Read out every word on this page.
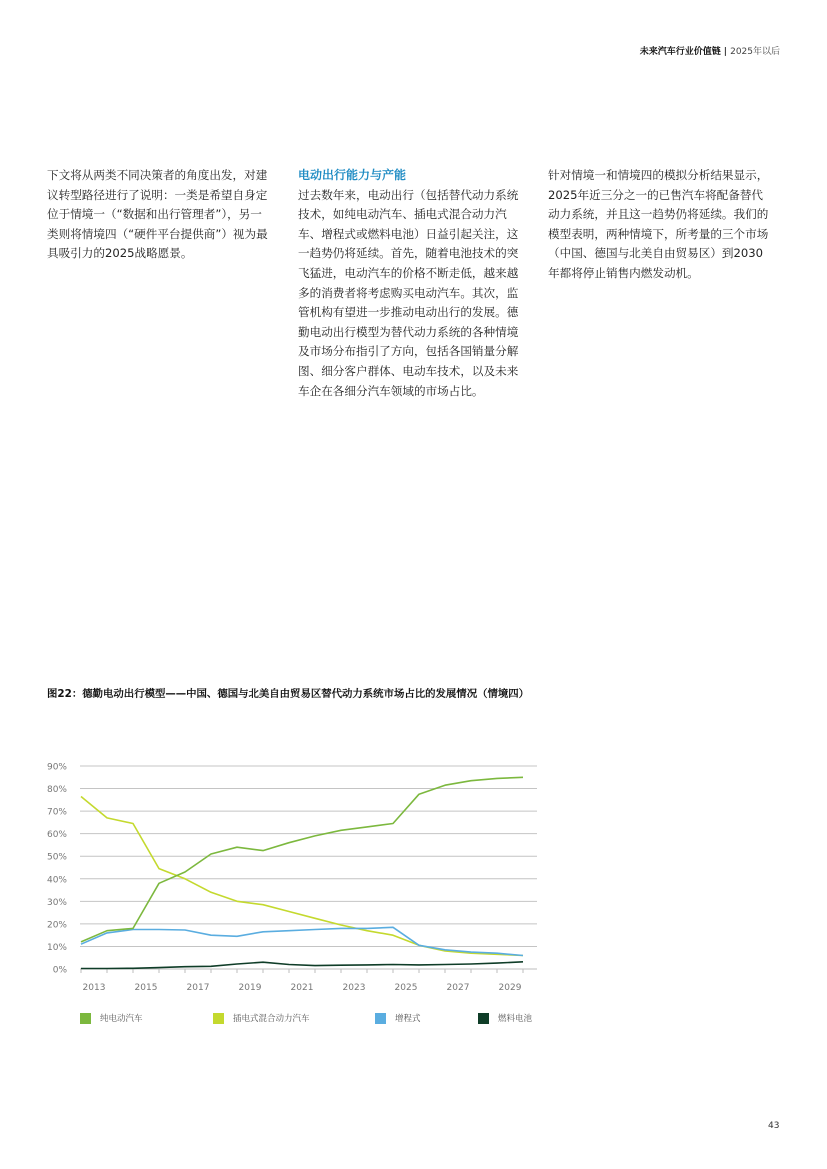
未来汽车行业价值链 | 2025年以后
下文将从两类不同决策者的角度出发，对建议转型路径进行了说明：一类是希望自身定位于情境一（“数据和出行管理者”），另一类则将情境四（“硬件平台提供商”）视为最具吸引力的2025战略愿景。
电动出行能力与产能
过去数年来，电动出行（包括替代动力系统技术，如纯电动汽车、插电式混合动力汽车、增程式或燃料电池）日益引起关注，这一趋势仍将延续。首先，随着电池技术的突飞猛进，电动汽车的价格不断走低，越来越多的消费者将考虑购买电动汽车。其次，监管机构有望进一步推动电动出行的发展。德勤电动出行模型为替代动力系统的各种情境及市场分布指引了方向，包括各国销量分解图、细分客户群体、电动车技术，以及未来车企在各细分汽车领域的市场占比。
针对情境一和情境四的模拟分析结果显示，2025年近三分之一的已售汽车将配备替代动力系统，并且这一趋势仍将延续。我们的模型表明，两种情境下，所考量的三个市场（中国、德国与北美自由贸易区）到2030年都将停止销售内燃发动机。
图22：德勤电动出行模型——中国、德国与北美自由贸易区替代动力系统市场占比的发展情况（情境四）
0%
10%
20%
30%
40%
50%
60%
70%
80%
90%
2013	2015	2017	2019	2021	2023	2025	2027	2029
纯电动汽车	插电式混合动力汽车	增程式	燃料电池
43
